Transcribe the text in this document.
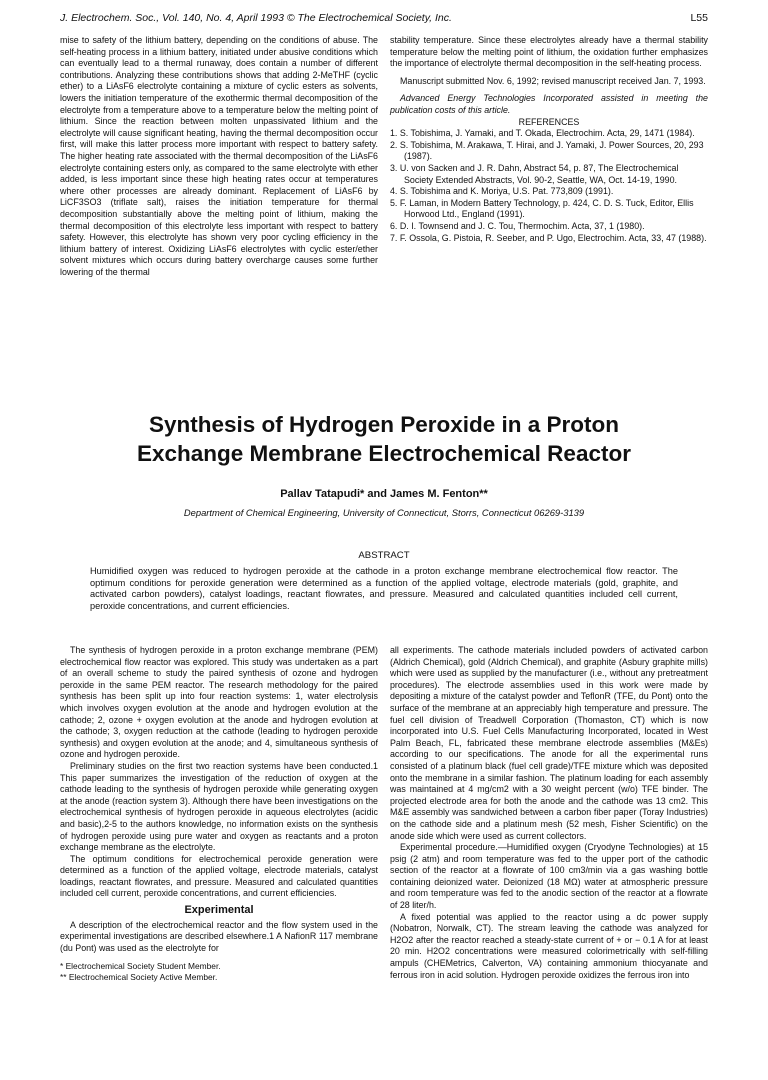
J. Electrochem. Soc., Vol. 140, No. 4, April 1993 © The Electrochemical Society, Inc.	L55

mise to safety of the lithium battery, depending on the conditions of abuse. The self-heating process in a lithium battery, initiated under abusive conditions which can eventually lead to a thermal runaway, does contain a number of different contributions. Analyzing these contributions shows that adding 2-MeTHF (cyclic ether) to a LiAsF6 electrolyte containing a mixture of cyclic esters as solvents, lowers the initiation temperature of the exothermic thermal decomposition of the electrolyte from a temperature above to a temperature below the melting point of lithium. Since the reaction between molten unpassivated lithium and the electrolyte will cause significant heating, having the thermal decomposition occur first, will make this latter process more important with respect to battery safety. The higher heating rate associated with the thermal decomposition of the LiAsF6 electrolyte containing esters only, as compared to the same electrolyte with ether added, is less important since these high heating rates occur at temperatures where other processes are already dominant. Replacement of LiAsF6 by LiCF3SO3 (triflate salt), raises the initiation temperature for thermal decomposition substantially above the melting point of lithium, making the thermal decomposition of this electrolyte less important with respect to battery safety. However, this electrolyte has shown very poor cycling efficiency in the lithium battery of interest. Oxidizing LiAsF6 electrolytes with cyclic ester/ether solvent mixtures which occurs during battery overcharge causes some further lowering of the thermal

stability temperature. Since these electrolytes already have a thermal stability temperature below the melting point of lithium, the oxidation further emphasizes the importance of electrolyte thermal decomposition in the self-heating process.

Manuscript submitted Nov. 6, 1992; revised manuscript received Jan. 7, 1993.

Advanced Energy Technologies Incorporated assisted in meeting the publication costs of this article.

REFERENCES

1. S. Tobishima, J. Yamaki, and T. Okada, Electrochim. Acta, 29, 1471 (1984).

2. S. Tobishima, M. Arakawa, T. Hirai, and J. Yamaki, J. Power Sources, 20, 293 (1987).

3. U. von Sacken and J. R. Dahn, Abstract 54, p. 87, The Electrochemical Society Extended Abstracts, Vol. 90-2, Seattle, WA, Oct. 14-19, 1990.

4. S. Tobishima and K. Moriya, U.S. Pat. 773,809 (1991).

5. F. Laman, in Modern Battery Technology, p. 424, C. D. S. Tuck, Editor, Ellis Horwood Ltd., England (1991).

6. D. I. Townsend and J. C. Tou, Thermochim. Acta, 37, 1 (1980).

7. F. Ossola, G. Pistoia, R. Seeber, and P. Ugo, Electrochim. Acta, 33, 47 (1988).

Synthesis of Hydrogen Peroxide in a Proton
Exchange Membrane Electrochemical Reactor
Pallav Tatapudi* and James M. Fenton**
Department of Chemical Engineering, University of Connecticut, Storrs, Connecticut 06269-3139
ABSTRACT
Humidified oxygen was reduced to hydrogen peroxide at the cathode in a proton exchange membrane electrochemical flow reactor. The optimum conditions for peroxide generation were determined as a function of the applied voltage, electrode materials (gold, graphite, and activated carbon powders), catalyst loadings, reactant flowrates, and pressure. Measured and calculated quantities included cell current, peroxide concentrations, and current efficiencies.

The synthesis of hydrogen peroxide in a proton exchange membrane (PEM) electrochemical flow reactor was explored. This study was undertaken as a part of an overall scheme to study the paired synthesis of ozone and hydrogen peroxide in the same PEM reactor. The research methodology for the paired synthesis has been split up into four reaction systems: 1, water electrolysis which involves oxygen evolution at the anode and hydrogen evolution at the cathode; 2, ozone + oxygen evolution at the anode and hydrogen evolution at the cathode; 3, oxygen reduction at the cathode (leading to hydrogen peroxide synthesis) and oxygen evolution at the anode; and 4, simultaneous synthesis of ozone and hydrogen peroxide.

Preliminary studies on the first two reaction systems have been conducted.1 This paper summarizes the investigation of the reduction of oxygen at the cathode leading to the synthesis of hydrogen peroxide while generating oxygen at the anode (reaction system 3). Although there have been investigations on the electrochemical synthesis of hydrogen peroxide in aqueous electrolytes (acidic and basic),2-5 to the authors knowledge, no information exists on the synthesis of hydrogen peroxide using pure water and oxygen as reactants and a proton exchange membrane as the electrolyte.

The optimum conditions for electrochemical peroxide generation were determined as a function of the applied voltage, electrode materials, catalyst loadings, reactant flowrates, and pressure. Measured and calculated quantities included cell current, peroxide concentrations, and current efficiencies.

Experimental

A description of the electrochemical reactor and the flow system used in the experimental investigations are described elsewhere.1 A NafionR 117 membrane (du Pont) was used as the electrolyte for

* Electrochemical Society Student Member.
** Electrochemical Society Active Member.

all experiments. The cathode materials included powders of activated carbon (Aldrich Chemical), gold (Aldrich Chemical), and graphite (Asbury graphite mills) which were used as supplied by the manufacturer (i.e., without any pretreatment procedures). The electrode assemblies used in this work were made by depositing a mixture of the catalyst powder and TeflonR (TFE, du Pont) onto the surface of the membrane at an appreciably high temperature and pressure. The fuel cell division of Treadwell Corporation (Thomaston, CT) which is now incorporated into U.S. Fuel Cells Manufacturing Incorporated, located in West Palm Beach, FL, fabricated these membrane electrode assemblies (M&Es) according to our specifications. The anode for all the experimental runs consisted of a platinum black (fuel cell grade)/TFE mixture which was deposited onto the membrane in a similar fashion. The platinum loading for each assembly was maintained at 4 mg/cm2 with a 30 weight percent (w/o) TFE binder. The projected electrode area for both the anode and the cathode was 13 cm2. This M&E assembly was sandwiched between a carbon fiber paper (Toray Industries) on the cathode side and a platinum mesh (52 mesh, Fisher Scientific) on the anode side which were used as current collectors.

Experimental procedure.—Humidified oxygen (Cryodyne Technologies) at 15 psig (2 atm) and room temperature was fed to the upper port of the cathodic section of the reactor at a flowrate of 100 cm3/min via a gas washing bottle containing deionized water. Deionized (18 MΩ) water at atmospheric pressure and room temperature was fed to the anodic section of the reactor at a flowrate of 28 liter/h.

A fixed potential was applied to the reactor using a dc power supply (Nobatron, Norwalk, CT). The stream leaving the cathode was analyzed for H2O2 after the reactor reached a steady-state current of + or − 0.1 A for at least 20 min. H2O2 concentrations were measured colorimetrically with self-filling ampuls (CHEMetrics, Calverton, VA) containing ammonium thiocyanate and ferrous iron in acid solution. Hydrogen peroxide oxidizes the ferrous iron into
